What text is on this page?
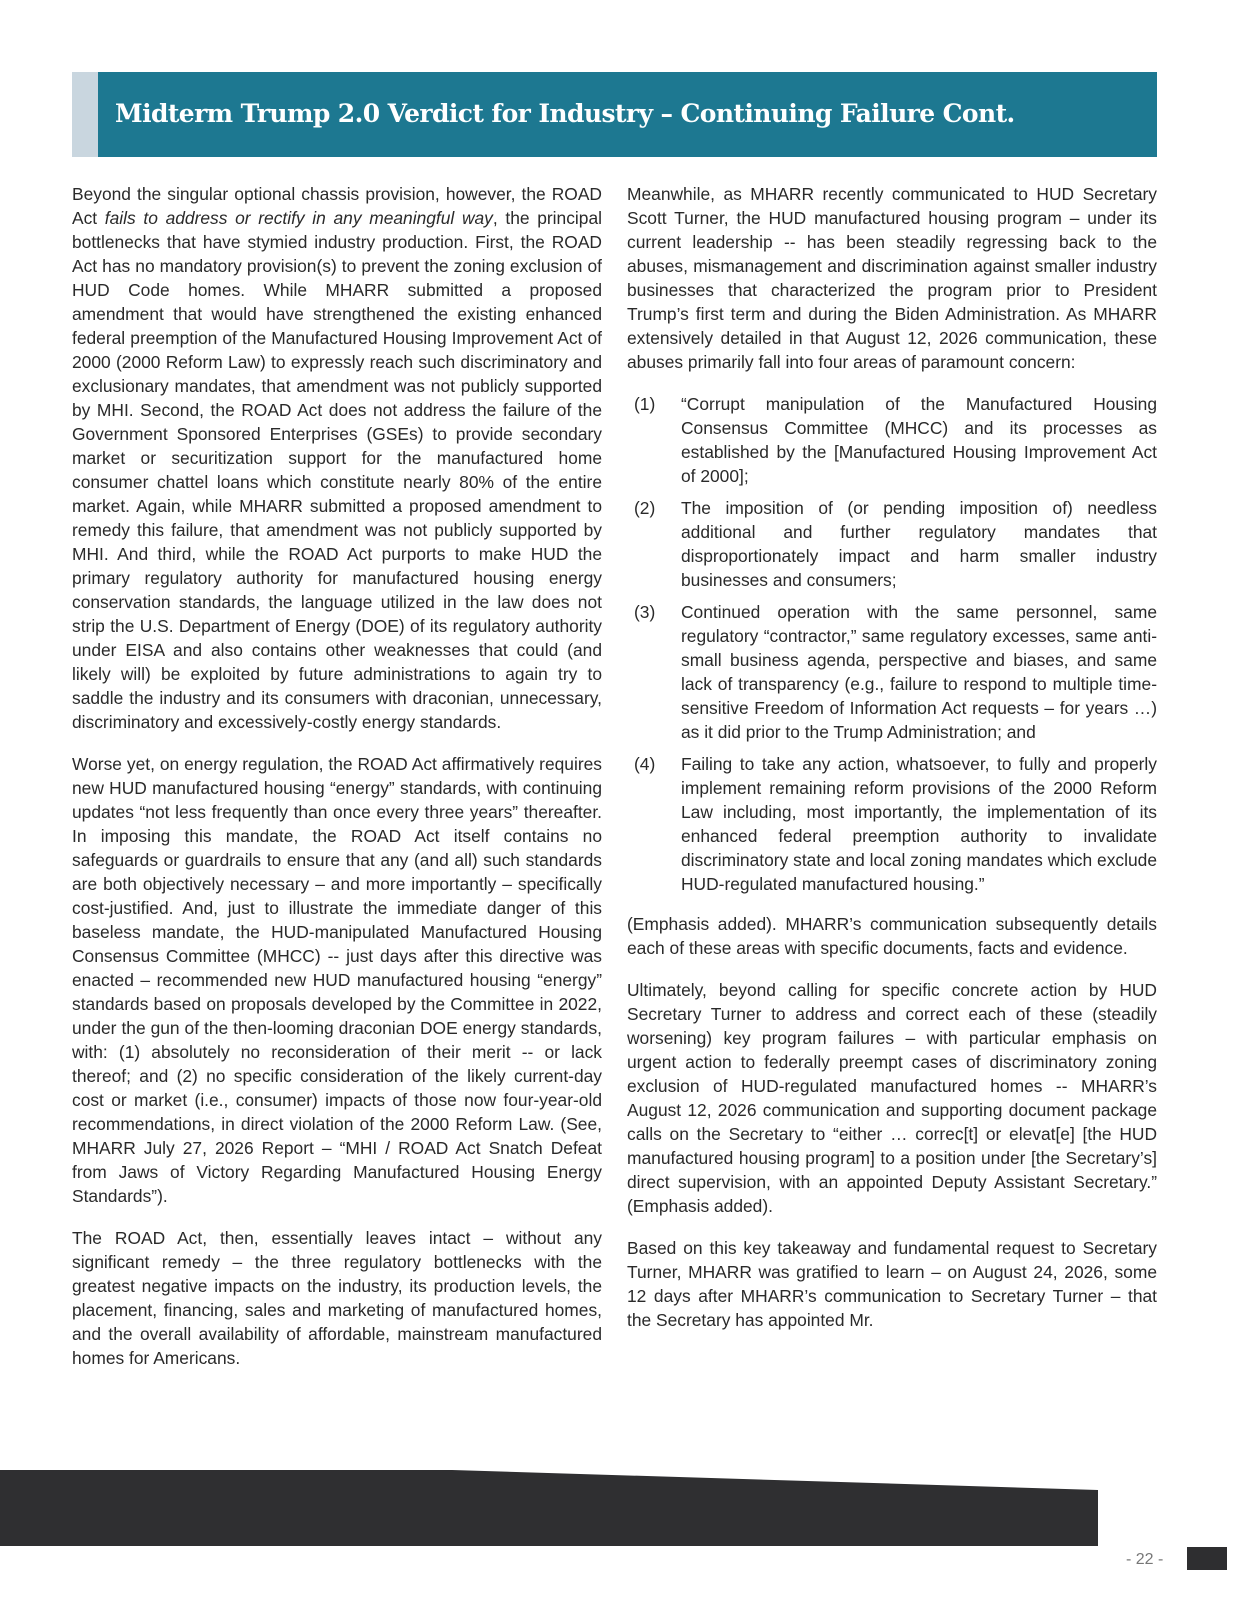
Midterm Trump 2.0 Verdict for Industry – Continuing Failure Cont.

Beyond the singular optional chassis provision, however, the ROAD Act fails to address or rectify in any meaningful way, the principal bottlenecks that have stymied industry production. First, the ROAD Act has no mandatory provision(s) to prevent the zoning exclusion of HUD Code homes. While MHARR submitted a proposed amendment that would have strengthened the existing enhanced federal preemption of the Manufactured Housing Improvement Act of 2000 (2000 Reform Law) to expressly reach such discriminatory and exclusionary mandates, that amendment was not publicly supported by MHI. Second, the ROAD Act does not address the failure of the Government Sponsored Enterprises (GSEs) to provide secondary market or securitization support for the manufactured home consumer chattel loans which constitute nearly 80% of the entire market. Again, while MHARR submitted a proposed amendment to remedy this failure, that amendment was not publicly supported by MHI. And third, while the ROAD Act purports to make HUD the primary regulatory authority for manufactured housing energy conservation standards, the language utilized in the law does not strip the U.S. Department of Energy (DOE) of its regulatory authority under EISA and also contains other weaknesses that could (and likely will) be exploited by future administrations to again try to saddle the industry and its consumers with draconian, unnecessary, discriminatory and excessively-costly energy standards.

Worse yet, on energy regulation, the ROAD Act affirmatively requires new HUD manufactured housing “energy” standards, with continuing updates “not less frequently than once every three years” thereafter. In imposing this mandate, the ROAD Act itself contains no safeguards or guardrails to ensure that any (and all) such standards are both objectively necessary – and more importantly – specifically cost-justified. And, just to illustrate the immediate danger of this baseless mandate, the HUD-manipulated Manufactured Housing Consensus Committee (MHCC) -- just days after this directive was enacted – recommended new HUD manufactured housing “energy” standards based on proposals developed by the Committee in 2022, under the gun of the then-looming draconian DOE energy standards, with: (1) absolutely no reconsideration of their merit -- or lack thereof; and (2) no specific consideration of the likely current-day cost or market (i.e., consumer) impacts of those now four-year-old recommendations, in direct violation of the 2000 Reform Law. (See, MHARR July 27, 2026 Report – “MHI / ROAD Act Snatch Defeat from Jaws of Victory Regarding Manufactured Housing Energy Standards”).

The ROAD Act, then, essentially leaves intact – without any significant remedy – the three regulatory bottlenecks with the greatest negative impacts on the industry, its production levels, the placement, financing, sales and marketing of manufactured homes, and the overall availability of affordable, mainstream manufactured homes for Americans.

Meanwhile, as MHARR recently communicated to HUD Secretary Scott Turner, the HUD manufactured housing program – under its current leadership -- has been steadily regressing back to the abuses, mismanagement and discrimination against smaller industry businesses that characterized the program prior to President Trump’s first term and during the Biden Administration. As MHARR extensively detailed in that August 12, 2026 communication, these abuses primarily fall into four areas of paramount concern:

(1) “Corrupt manipulation of the Manufactured Housing Consensus Committee (MHCC) and its processes as established by the [Manufactured Housing Improvement Act of 2000];
(2) The imposition of (or pending imposition of) needless additional and further regulatory mandates that disproportionately impact and harm smaller industry businesses and consumers;
(3) Continued operation with the same personnel, same regulatory “contractor,” same regulatory excesses, same anti-small business agenda, perspective and biases, and same lack of transparency (e.g., failure to respond to multiple time-sensitive Freedom of Information Act requests – for years …) as it did prior to the Trump Administration; and
(4) Failing to take any action, whatsoever, to fully and properly implement remaining reform provisions of the 2000 Reform Law including, most importantly, the implementation of its enhanced federal preemption authority to invalidate discriminatory state and local zoning mandates which exclude HUD-regulated manufactured housing.”

(Emphasis added). MHARR’s communication subsequently details each of these areas with specific documents, facts and evidence.

Ultimately, beyond calling for specific concrete action by HUD Secretary Turner to address and correct each of these (steadily worsening) key program failures – with particular emphasis on urgent action to federally preempt cases of discriminatory zoning exclusion of HUD-regulated manufactured homes -- MHARR’s August 12, 2026 communication and supporting document package calls on the Secretary to “either … correc[t] or elevat[e] [the HUD manufactured housing program] to a position under [the Secretary’s] direct supervision, with an appointed Deputy Assistant Secretary.” (Emphasis added).

Based on this key takeaway and fundamental request to Secretary Turner, MHARR was gratified to learn – on August 24, 2026, some 12 days after MHARR’s communication to Secretary Turner – that the Secretary has appointed Mr.

- 22 -
